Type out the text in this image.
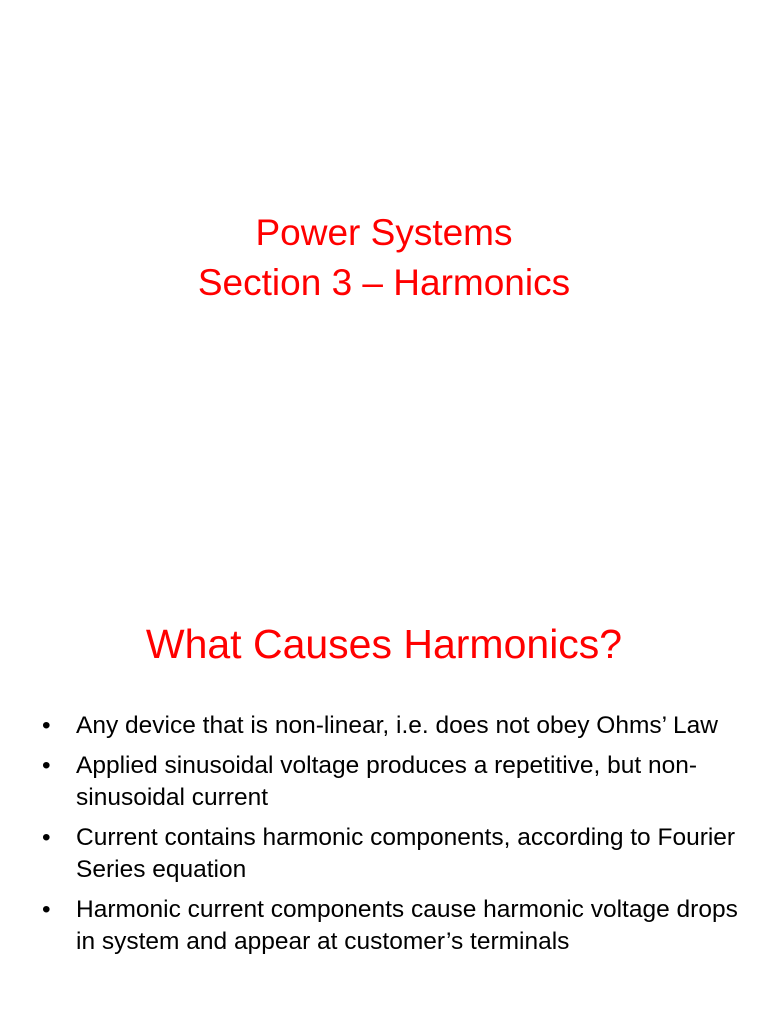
Power Systems
Section 3 – Harmonics
What Causes Harmonics?
• Any device that is non-linear, i.e. does not obey Ohms’ Law
• Applied sinusoidal voltage produces a repetitive, but non-sinusoidal current
• Current contains harmonic components, according to Fourier Series equation
• Harmonic current components cause harmonic voltage drops in system and appear at customer’s terminals
